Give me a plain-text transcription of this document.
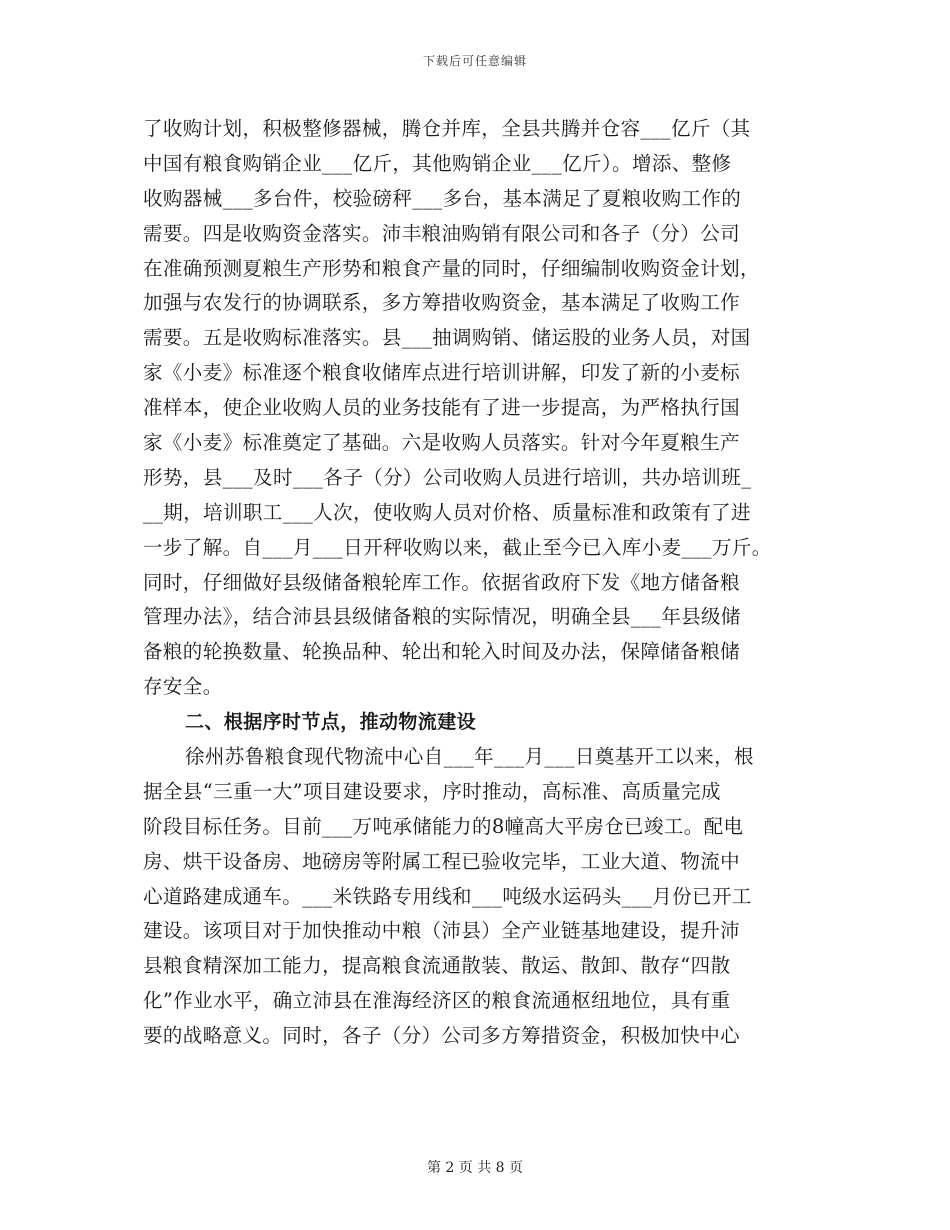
下载后可任意编辑
了收购计划，积极整修器械，腾仓并库，全县共腾并仓容___亿斤（其
中国有粮食购销企业___亿斤，其他购销企业___亿斤）。增添、整修
收购器械___多台件，校验磅秤___多台，基本满足了夏粮收购工作的
需要。四是收购资金落实。沛丰粮油购销有限公司和各子（分）公司
在准确预测夏粮生产形势和粮食产量的同时，仔细编制收购资金计划，
加强与农发行的协调联系，多方筹措收购资金，基本满足了收购工作
需要。五是收购标准落实。县___抽调购销、储运股的业务人员，对国
家《小麦》标准逐个粮食收储库点进行培训讲解，印发了新的小麦标
准样本，使企业收购人员的业务技能有了进一步提高，为严格执行国
家《小麦》标准奠定了基础。六是收购人员落实。针对今年夏粮生产
形势，县___及时___各子（分）公司收购人员进行培训，共办培训班_
__期，培训职工___人次，使收购人员对价格、质量标准和政策有了进
一步了解。自___月___日开秤收购以来，截止至今已入库小麦___万斤。
同时，仔细做好县级储备粮轮库工作。依据省政府下发《地方储备粮
管理办法》，结合沛县县级储备粮的实际情况，明确全县___年县级储
备粮的轮换数量、轮换品种、轮出和轮入时间及办法，保障储备粮储
存安全。
二、根据序时节点，推动物流建设
徐州苏鲁粮食现代物流中心自___年___月___日奠基开工以来，根
据全县“三重一大”项目建设要求，序时推动，高标准、高质量完成
阶段目标任务。目前___万吨承储能力的8幢高大平房仓已竣工。配电
房、烘干设备房、地磅房等附属工程已验收完毕，工业大道、物流中
心道路建成通车。___米铁路专用线和___吨级水运码头___月份已开工
建设。该项目对于加快推动中粮（沛县）全产业链基地建设，提升沛
县粮食精深加工能力，提高粮食流通散装、散运、散卸、散存“四散
化”作业水平，确立沛县在淮海经济区的粮食流通枢纽地位，具有重
要的战略意义。同时，各子（分）公司多方筹措资金，积极加快中心
第 2 页 共 8 页
